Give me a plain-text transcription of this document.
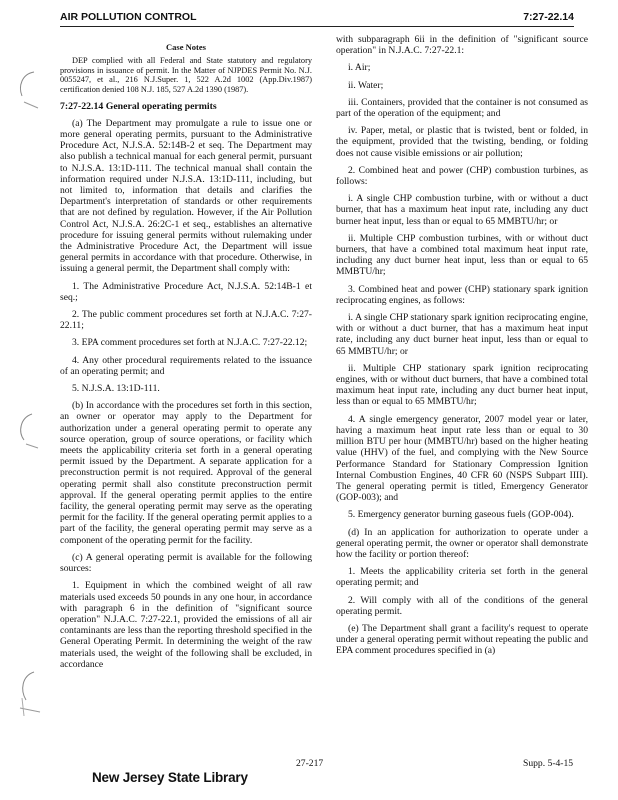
AIR POLLUTION CONTROL	7:27-22.14
Case Notes

DEP complied with all Federal and State statutory and regulatory provisions in issuance of permit. In the Matter of NJPDES Permit No. N.J. 0055247, et al., 216 N.J.Super. 1, 522 A.2d 1002 (App.Div.1987) certification denied 108 N.J. 185, 527 A.2d 1390 (1987).

7:27-22.14 General operating permits

(a) The Department may promulgate a rule to issue one or more general operating permits, pursuant to the Administrative Procedure Act, N.J.S.A. 52:14B-2 et seq. The Department may also publish a technical manual for each general permit, pursuant to N.J.S.A. 13:1D-111. The technical manual shall contain the information required under N.J.S.A. 13:1D-111, including, but not limited to, information that details and clarifies the Department's interpretation of standards or other requirements that are not defined by regulation. However, if the Air Pollution Control Act, N.J.S.A. 26:2C-1 et seq., establishes an alternative procedure for issuing general permits without rulemaking under the Administrative Procedure Act, the Department will issue general permits in accordance with that procedure. Otherwise, in issuing a general permit, the Department shall comply with:

1. The Administrative Procedure Act, N.J.S.A. 52:14B-1 et seq.;

2. The public comment procedures set forth at N.J.A.C. 7:27-22.11;

3. EPA comment procedures set forth at N.J.A.C. 7:27-22.12;

4. Any other procedural requirements related to the issuance of an operating permit; and

5. N.J.S.A. 13:1D-111.

(b) In accordance with the procedures set forth in this section, an owner or operator may apply to the Department for authorization under a general operating permit to operate any source operation, group of source operations, or facility which meets the applicability criteria set forth in a general operating permit issued by the Department. A separate application for a preconstruction permit is not required. Approval of the general operating permit shall also constitute preconstruction permit approval. If the general operating permit applies to the entire facility, the general operating permit may serve as the operating permit for the facility. If the general operating permit applies to a part of the facility, the general operating permit may serve as a component of the operating permit for the facility.

(c) A general operating permit is available for the following sources:

1. Equipment in which the combined weight of all raw materials used exceeds 50 pounds in any one hour, in accordance with paragraph 6 in the definition of "significant source operation" N.J.A.C. 7:27-22.1, provided the emissions of all air contaminants are less than the reporting threshold specified in the General Operating Permit. In determining the weight of the raw materials used, the weight of the following shall be excluded, in accordance

with subparagraph 6ii in the definition of "significant source operation" in N.J.A.C. 7:27-22.1:

i. Air;

ii. Water;

iii. Containers, provided that the container is not consumed as part of the operation of the equipment; and

iv. Paper, metal, or plastic that is twisted, bent or folded, in the equipment, provided that the twisting, bending, or folding does not cause visible emissions or air pollution;

2. Combined heat and power (CHP) combustion turbines, as follows:

i. A single CHP combustion turbine, with or without a duct burner, that has a maximum heat input rate, including any duct burner heat input, less than or equal to 65 MMBTU/hr; or

ii. Multiple CHP combustion turbines, with or without duct burners, that have a combined total maximum heat input rate, including any duct burner heat input, less than or equal to 65 MMBTU/hr;

3. Combined heat and power (CHP) stationary spark ignition reciprocating engines, as follows:

i. A single CHP stationary spark ignition reciprocating engine, with or without a duct burner, that has a maximum heat input rate, including any duct burner heat input, less than or equal to 65 MMBTU/hr; or

ii. Multiple CHP stationary spark ignition reciprocating engines, with or without duct burners, that have a combined total maximum heat input rate, including any duct burner heat input, less than or equal to 65 MMBTU/hr;

4. A single emergency generator, 2007 model year or later, having a maximum heat input rate less than or equal to 30 million BTU per hour (MMBTU/hr) based on the higher heating value (HHV) of the fuel, and complying with the New Source Performance Standard for Stationary Compression Ignition Internal Combustion Engines, 40 CFR 60 (NSPS Subpart IIII). The general operating permit is titled, Emergency Generator (GOP-003); and

5. Emergency generator burning gaseous fuels (GOP-004).

(d) In an application for authorization to operate under a general operating permit, the owner or operator shall demonstrate how the facility or portion thereof:

1. Meets the applicability criteria set forth in the general operating permit; and

2. Will comply with all of the conditions of the general operating permit.

(e) The Department shall grant a facility's request to operate under a general operating permit without repeating the public and EPA comment procedures specified in (a)

27-217	Supp. 5-4-15
New Jersey State Library
